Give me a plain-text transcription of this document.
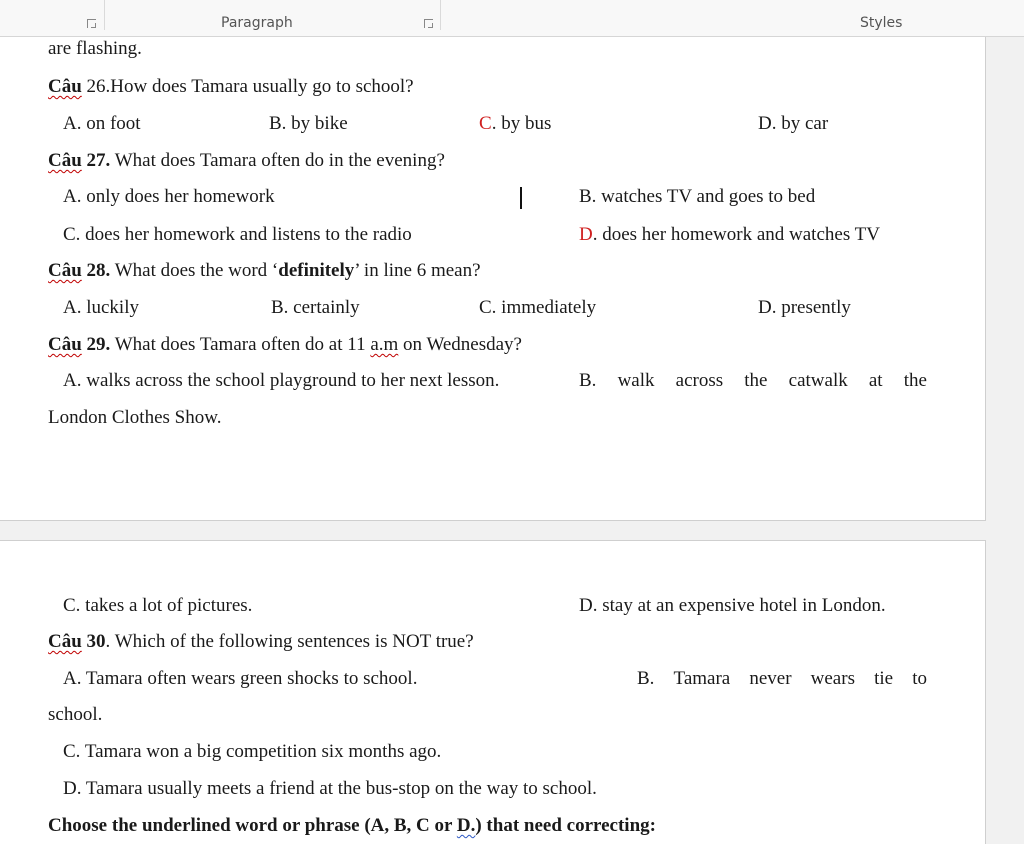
Paragraph	Styles
are flashing.
Câu 26.How does Tamara usually go to school?
A. on foot	B. by bike	C. by bus	D. by car
Câu 27. What does Tamara often do in the evening?
A. only does her homework	B. watches TV and goes to bed
C. does her homework and listens to the radio	D. does her homework and watches TV
Câu 28. What does the word ‘definitely’ in line 6 mean?
A. luckily	B. certainly	C. immediately	D. presently
Câu 29. What does Tamara often do at 11 a.m on Wednesday?
A. walks across the school playground to her next lesson.	B. walk across the catwalk at the
London Clothes Show.
C. takes a lot of pictures.	D. stay at an expensive hotel in London.
Câu 30. Which of the following sentences is NOT true?
A. Tamara often wears green shocks to school.	B. Tamara never wears tie to
school.
C. Tamara won a big competition six months ago.
D. Tamara usually meets a friend at the bus-stop on the way to school.
Choose the underlined word or phrase (A, B, C or D.) that need correcting:
